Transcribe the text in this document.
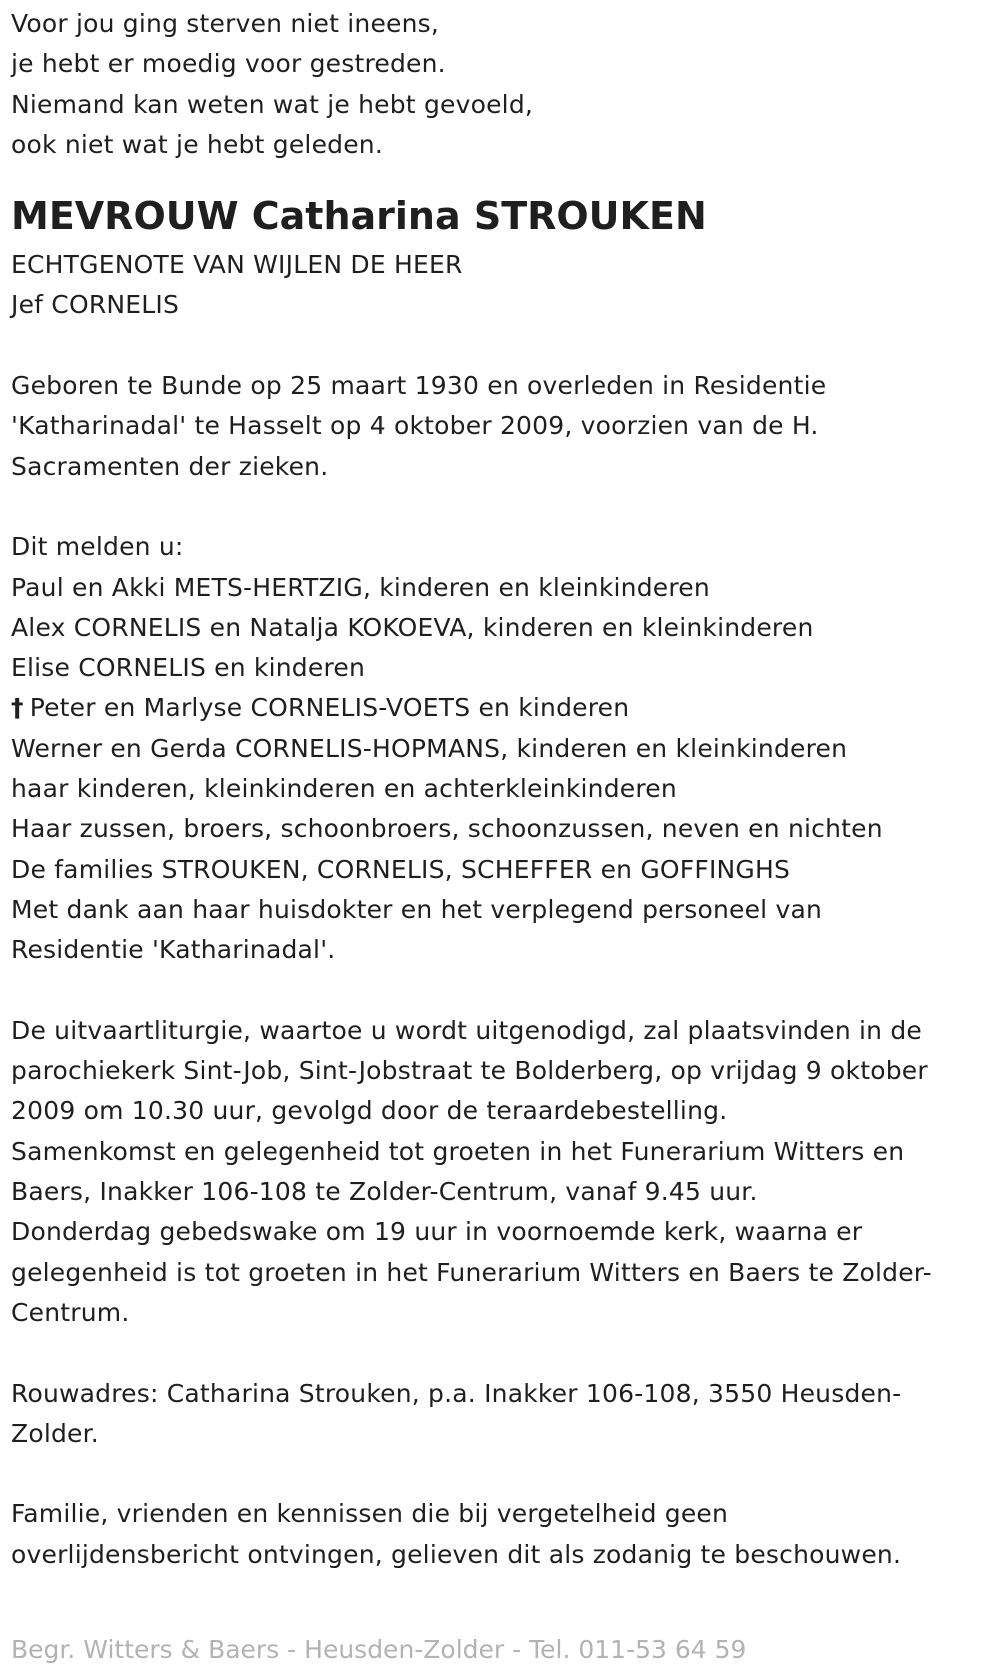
Voor jou ging sterven niet ineens,
je hebt er moedig voor gestreden.
Niemand kan weten wat je hebt gevoeld,
ook niet wat je hebt geleden.
MEVROUW Catharina STROUKEN
ECHTGENOTE VAN WIJLEN DE HEER
Jef CORNELIS
Geboren te Bunde op 25 maart 1930 en overleden in Residentie
'Katharinadal' te Hasselt op 4 oktober 2009, voorzien van de H.
Sacramenten der zieken.
Dit melden u:
Paul en Akki METS-HERTZIG, kinderen en kleinkinderen
Alex CORNELIS en Natalja KOKOEVA, kinderen en kleinkinderen
Elise CORNELIS en kinderen
† Peter en Marlyse CORNELIS-VOETS en kinderen
Werner en Gerda CORNELIS-HOPMANS, kinderen en kleinkinderen
haar kinderen, kleinkinderen en achterkleinkinderen
Haar zussen, broers, schoonbroers, schoonzussen, neven en nichten
De families STROUKEN, CORNELIS, SCHEFFER en GOFFINGHS
Met dank aan haar huisdokter en het verplegend personeel van
Residentie 'Katharinadal'.
De uitvaartliturgie, waartoe u wordt uitgenodigd, zal plaatsvinden in de
parochiekerk Sint-Job, Sint-Jobstraat te Bolderberg, op vrijdag 9 oktober
2009 om 10.30 uur, gevolgd door de teraardebestelling.
Samenkomst en gelegenheid tot groeten in het Funerarium Witters en
Baers, Inakker 106-108 te Zolder-Centrum, vanaf 9.45 uur.
Donderdag gebedswake om 19 uur in voornoemde kerk, waarna er
gelegenheid is tot groeten in het Funerarium Witters en Baers te Zolder-
Centrum.
Rouwadres: Catharina Strouken, p.a. Inakker 106-108, 3550 Heusden-
Zolder.
Familie, vrienden en kennissen die bij vergetelheid geen
overlijdensbericht ontvingen, gelieven dit als zodanig te beschouwen.
Begr. Witters & Baers - Heusden-Zolder - Tel. 011-53 64 59
